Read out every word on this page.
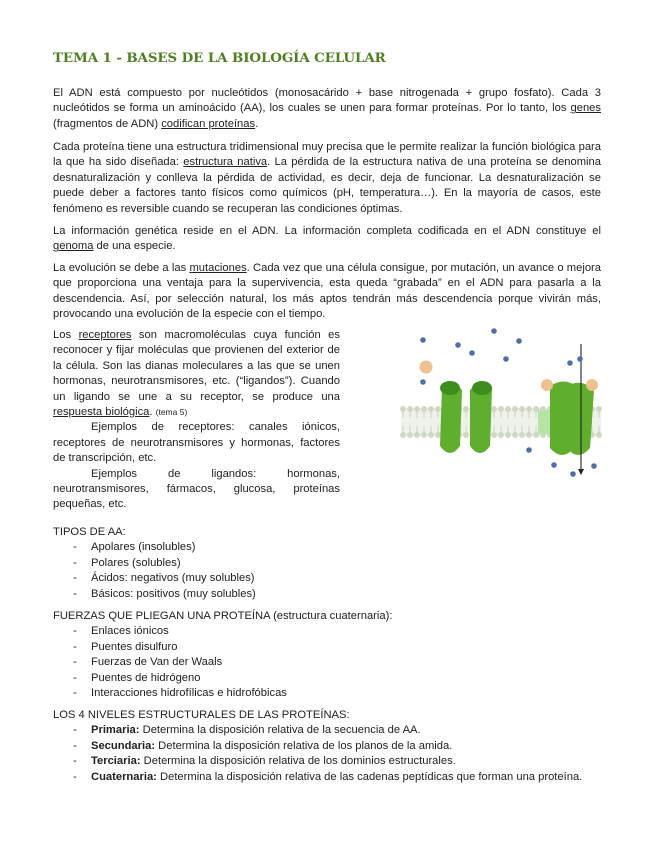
TEMA 1 - BASES DE LA BIOLOGÍA CELULAR

El ADN está compuesto por nucleótidos (monosacárido + base nitrogenada + grupo fosfato). Cada 3 nucleótidos se forma un aminoácido (AA), los cuales se unen para formar proteínas. Por lo tanto, los genes (fragmentos de ADN) codifican proteínas.

Cada proteína tiene una estructura tridimensional muy precisa que le permite realizar la función biológica para la que ha sido diseñada: estructura nativa. La pérdida de la estructura nativa de una proteína se denomina desnaturalización y conlleva la pérdida de actividad, es decir, deja de funcionar. La desnaturalización se puede deber a factores tanto físicos como químicos (pH, temperatura…). En la mayoría de casos, este fenómeno es reversible cuando se recuperan las condiciones óptimas.

La información genética reside en el ADN. La información completa codificada en el ADN constituye el genoma de una especie.

La evolución se debe a las mutaciones. Cada vez que una célula consigue, por mutación, un avance o mejora que proporciona una ventaja para la supervivencia, esta queda “grabada” en el ADN para pasarla a la descendencia. Así, por selección natural, los más aptos tendrán más descendencia porque vivirán más, provocando una evolución de la especie con el tiempo.

Los receptores son macromoléculas cuya función es reconocer y fijar moléculas que provienen del exterior de la célula. Son las dianas moleculares a las que se unen hormonas, neurotransmisores, etc. (“ligandos”). Cuando un ligando se une a su receptor, se produce una respuesta biológica. (tema 5)

Ejemplos de receptores: canales iónicos, receptores de neurotransmisores y hormonas, factores de transcripción, etc.

Ejemplos de ligandos: hormonas, neurotransmisores, fármacos, glucosa, proteínas pequeñas, etc.

TIPOS DE AA:

- Apolares (insolubles)
- Polares (solubles)
- Ácidos: negativos (muy solubles)
- Básicos: positivos (muy solubles)

FUERZAS QUE PLIEGAN UNA PROTEÍNA (estructura cuaternaria):

- Enlaces iónicos
- Puentes disulfuro
- Fuerzas de Van der Waals
- Puentes de hidrógeno
- Interacciones hidrofílicas e hidrofóbicas

LOS 4 NIVELES ESTRUCTURALES DE LAS PROTEÍNAS:

- Primaria: Determina la disposición relativa de la secuencia de AA.
- Secundaria: Determina la disposición relativa de los planos de la amida.
- Terciaria: Determina la disposición relativa de los dominios estructurales.
- Cuaternaria: Determina la disposición relativa de las cadenas peptídicas que forman una proteína.
